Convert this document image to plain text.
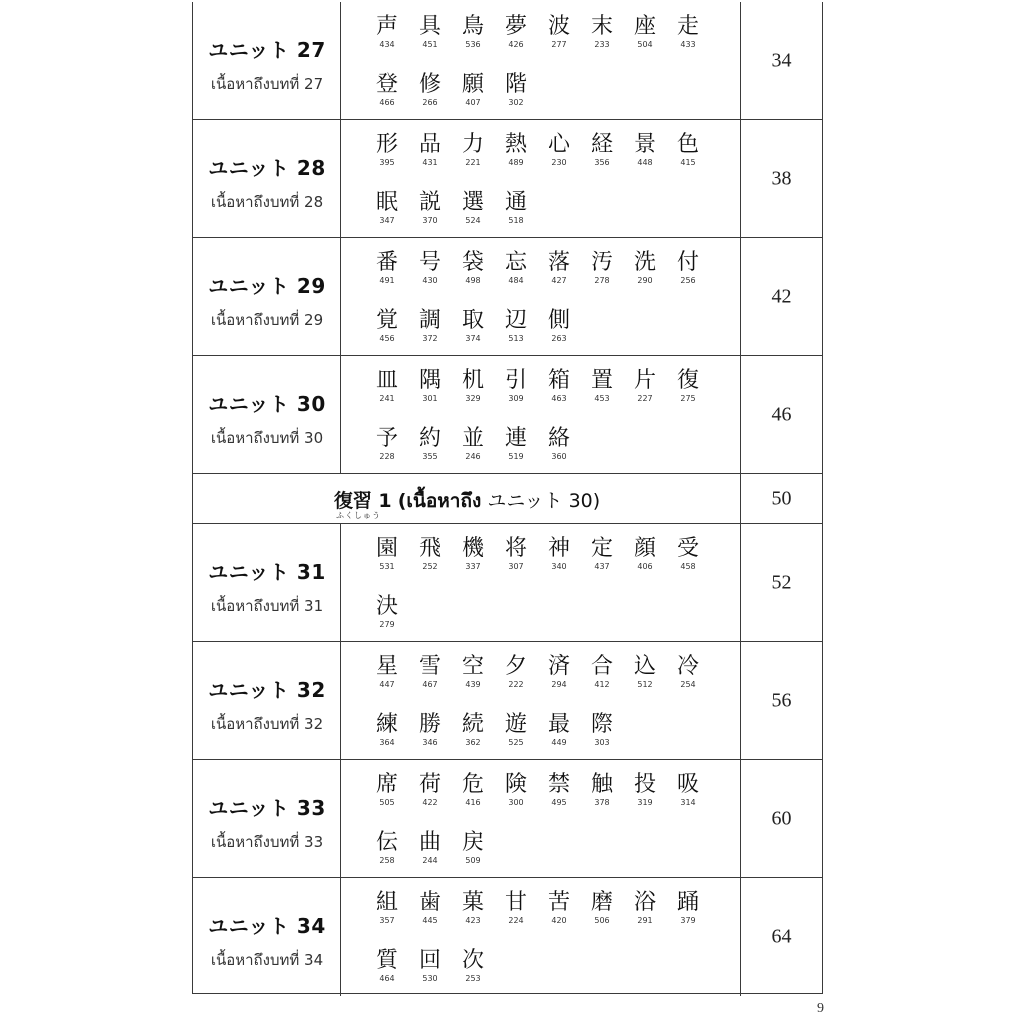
ユニット 27
เนื้อหาถึงบทที่ 27
声
434
具
451
鳥
536
夢
426
波
277
末
233
座
504
走
433
登
466
修
266
願
407
階
302
34
ユニット 28
เนื้อหาถึงบทที่ 28
形
395
品
431
力
221
熱
489
心
230
経
356
景
448
色
415
眠
347
説
370
選
524
通
518
38
ユニット 29
เนื้อหาถึงบทที่ 29
番
491
号
430
袋
498
忘
484
落
427
汚
278
洗
290
付
256
覚
456
調
372
取
374
辺
513
側
263
42
ユニット 30
เนื้อหาถึงบทที่ 30
皿
241
隅
301
机
329
引
309
箱
463
置
453
片
227
復
275
予
228
約
355
並
246
連
519
絡
360
46
復習 1 (เนื้อหาถึง ユニット 30)
ふくしゅう
50
ユニット 31
เนื้อหาถึงบทที่ 31
園
531
飛
252
機
337
将
307
神
340
定
437
顔
406
受
458
決
279
52
ユニット 32
เนื้อหาถึงบทที่ 32
星
447
雪
467
空
439
夕
222
済
294
合
412
込
512
冷
254
練
364
勝
346
続
362
遊
525
最
449
際
303
56
ユニット 33
เนื้อหาถึงบทที่ 33
席
505
荷
422
危
416
険
300
禁
495
触
378
投
319
吸
314
伝
258
曲
244
戻
509
60
ユニット 34
เนื้อหาถึงบทที่ 34
組
357
歯
445
菓
423
甘
224
苦
420
磨
506
浴
291
踊
379
質
464
回
530
次
253
64
9
